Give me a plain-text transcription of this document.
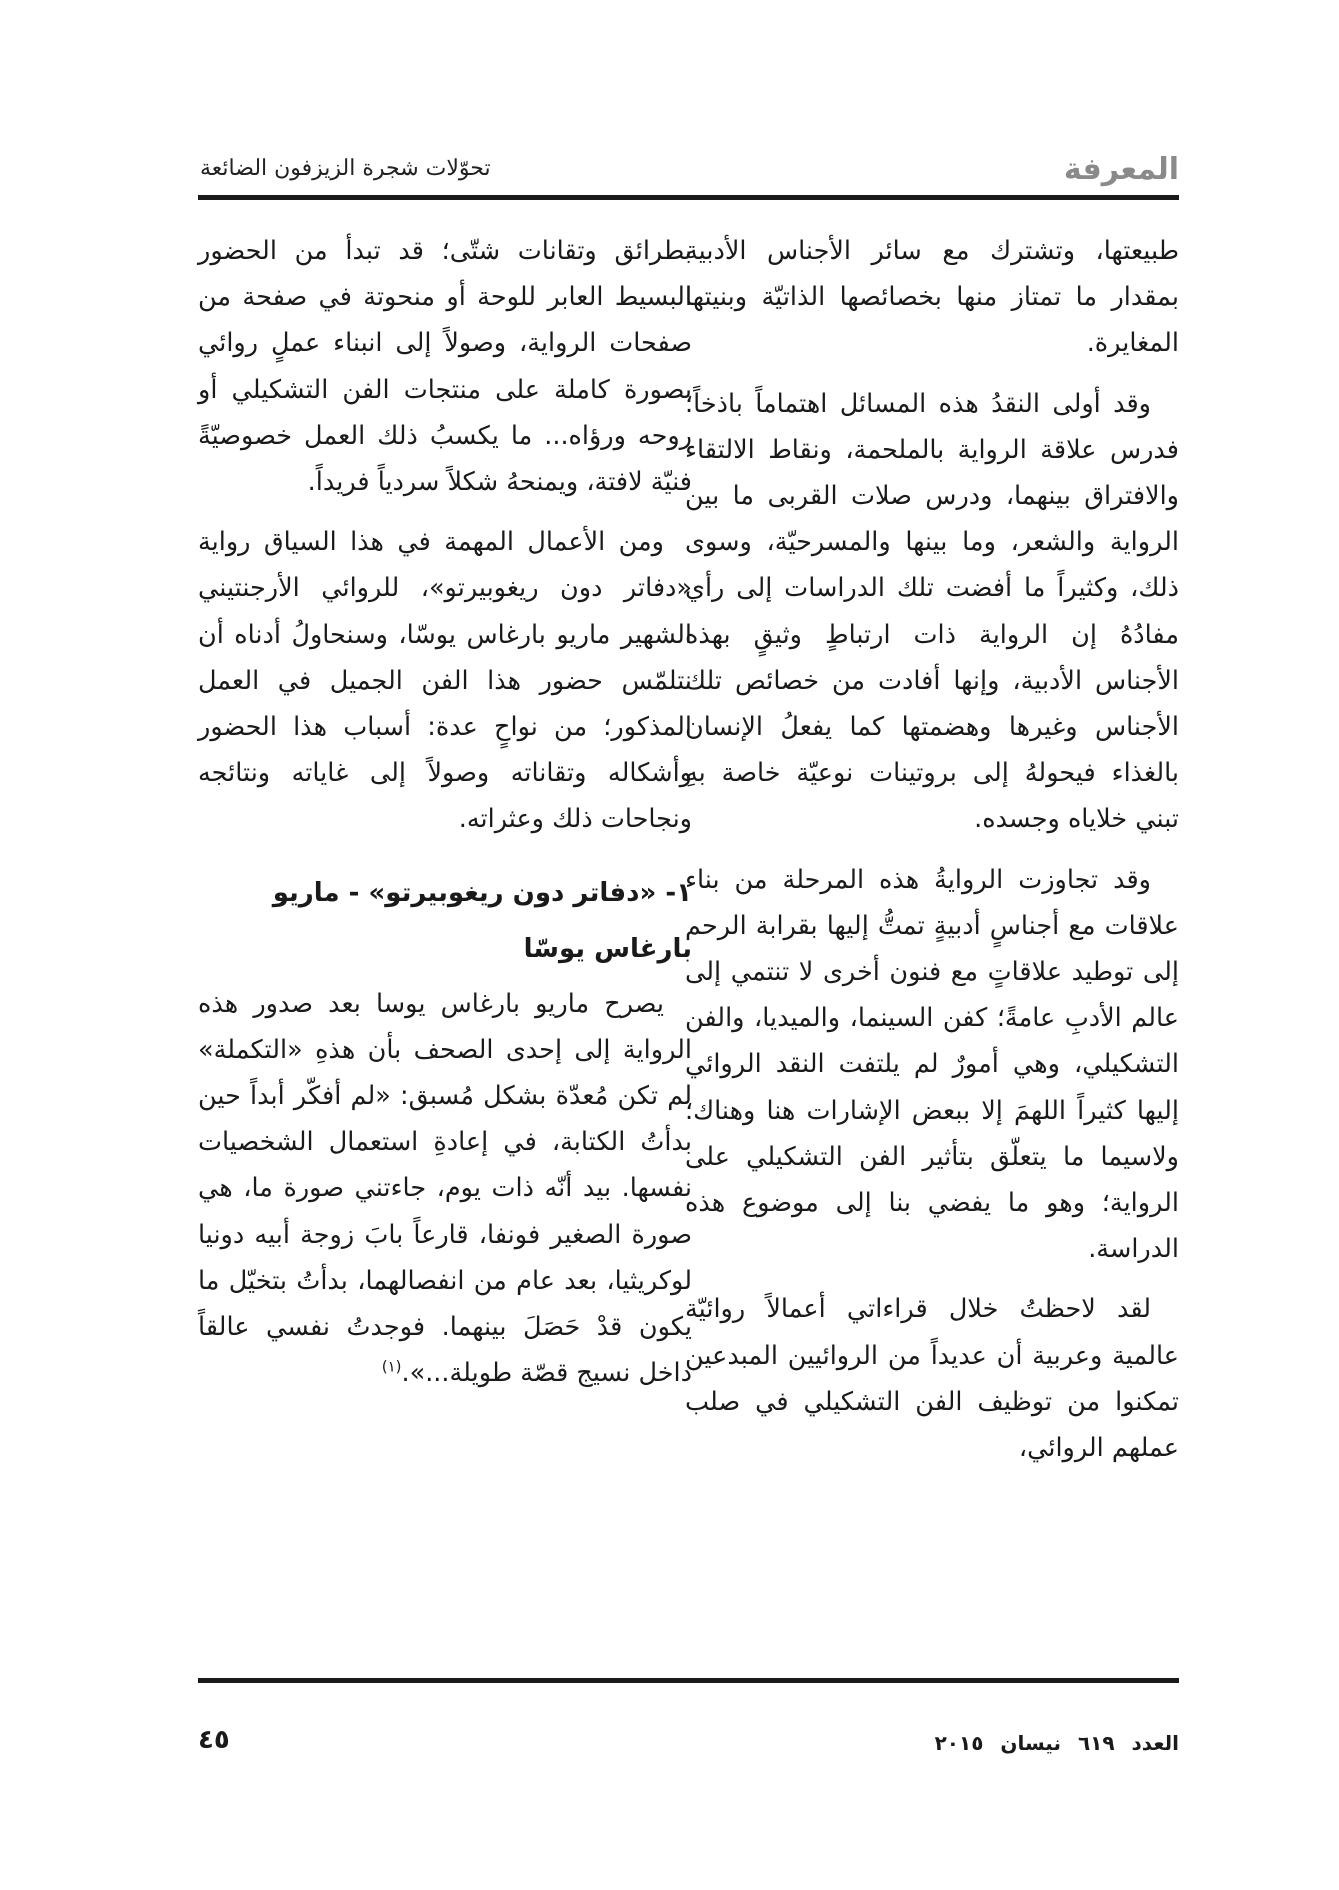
المعرفة
تحوّلات شجرة الزيزفون الضائعة

طبيعتها، وتشترك مع سائر الأجناس الأدبية بمقدار ما تمتاز منها بخصائصها الذاتيّة وبنيتها المغايرة.

وقد أولى النقدُ هذه المسائل اهتماماً باذخاً؛ فدرس علاقة الرواية بالملحمة، ونقاط الالتقاء والافتراق بينهما، ودرس صلات القربى ما بين الرواية والشعر، وما بينها والمسرحيّة، وسوى ذلك، وكثيراً ما أفضت تلك الدراسات إلى رأي مفادُهُ إن الرواية ذات ارتباطٍ وثيقٍ بهذه الأجناس الأدبية، وإنها أفادت من خصائص تلك الأجناس وغيرها وهضمتها كما يفعلُ الإنسان بالغذاء فيحولهُ إلى بروتينات نوعيّة خاصة بهِ تبني خلاياه وجسده.

وقد تجاوزت الروايةُ هذه المرحلة من بناء علاقات مع أجناسٍ أدبيةٍ تمتُّ إليها بقرابة الرحم إلى توطيد علاقاتٍ مع فنون أخرى لا تنتمي إلى عالم الأدبِ عامةً؛ كفن السينما، والميديا، والفن التشكيلي، وهي أمورٌ لم يلتفت النقد الروائي إليها كثيراً اللهمَ إلا ببعض الإشارات هنا وهناك؛ ولاسيما ما يتعلّق بتأثير الفن التشكيلي على الرواية؛ وهو ما يفضي بنا إلى موضوع هذه الدراسة.

لقد لاحظتُ خلال قراءاتي أعمالاً روائيّة عالمية وعربية أن عديداً من الروائيين المبدعين تمكنوا من توظيف الفن التشكيلي في صلب عملهم الروائي،

بطرائق وتقانات شتّى؛ قد تبدأ من الحضور البسيط العابر للوحة أو منحوتة في صفحة من صفحات الرواية، وصولاً إلى انبناء عملٍ روائي بصورة كاملة على منتجات الفن التشكيلي أو روحه ورؤاه... ما يكسبُ ذلك العمل خصوصيّةً فنيّة لافتة، ويمنحهُ شكلاً سردياً فريداً.

ومن الأعمال المهمة في هذا السياق رواية «دفاتر دون ريغوبيرتو»، للروائي الأرجنتيني الشهير ماريو بارغاس يوسّا، وسنحاولُ أدناه أن نتلمّس حضور هذا الفن الجميل في العمل المذكور؛ من نواحٍ عدة: أسباب هذا الحضور وأشكاله وتقاناته وصولاً إلى غاياته ونتائجه ونجاحات ذلك وعثراته.

١- «دفاتر دون ريغوبيرتو» - ماريو بارغاس يوسّا

يصرح ماريو بارغاس يوسا بعد صدور هذه الرواية إلى إحدى الصحف بأن هذهِ «التكملة» لم تكن مُعدّة بشكل مُسبق: «لم أفكّر أبداً حين بدأتُ الكتابة، في إعادةِ استعمال الشخصيات نفسها. بيد أنّه ذات يوم، جاءتني صورة ما، هي صورة الصغير فونفا، قارعاً بابَ زوجة أبيه دونيا لوكريثيا، بعد عام من انفصالهما، بدأتُ بتخيّل ما يكون قدْ حَصَلَ بينهما. فوجدتُ نفسي عالقاً داخل نسيج قصّة طويلة...».$^{(١)}$

العدد ٦١٩ نيسان ٢٠١٥
٤٥
